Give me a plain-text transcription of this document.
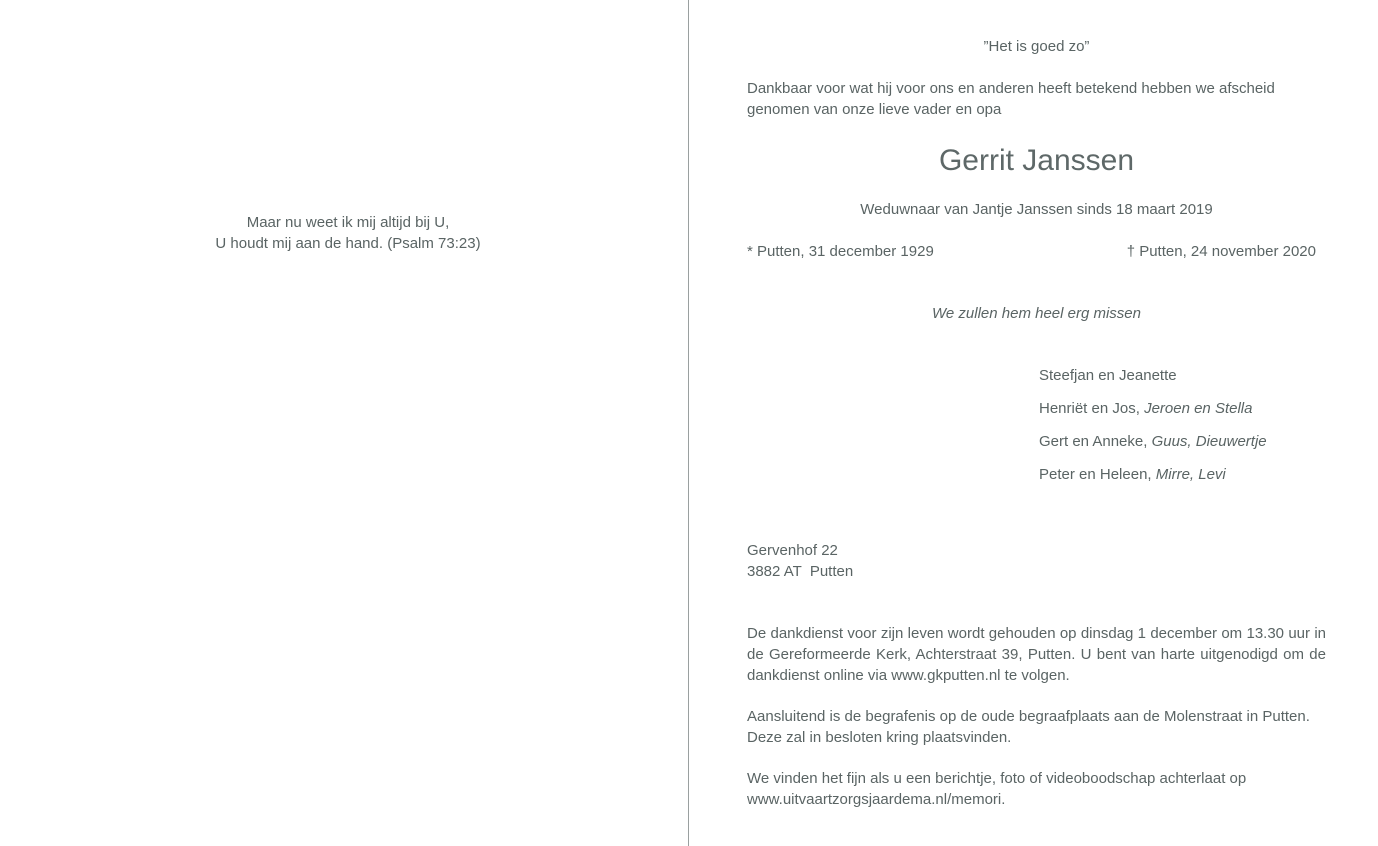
Maar nu weet ik mij altijd bij U,
U houdt mij aan de hand. (Psalm 73:23)
”Het is goed zo”
Dankbaar voor wat hij voor ons en anderen heeft betekend hebben we afscheid
genomen van onze lieve vader en opa
Gerrit Janssen
Weduwnaar van Jantje Janssen sinds 18 maart 2019
* Putten, 31 december 1929	† Putten, 24 november 2020
We zullen hem heel erg missen
Steefjan en Jeanette
Henriët en Jos, Jeroen en Stella
Gert en Anneke, Guus, Dieuwertje
Peter en Heleen, Mirre, Levi
Gervenhof 22
3882 AT  Putten
De dankdienst voor zijn leven wordt gehouden op dinsdag 1 december om 13.30 uur in de Gereformeerde Kerk, Achterstraat 39, Putten. U bent van harte uitgenodigd om de dankdienst online via www.gkputten.nl te volgen.
Aansluitend is de begrafenis op de oude begraafplaats aan de Molenstraat in Putten.
Deze zal in besloten kring plaatsvinden.
We vinden het fijn als u een berichtje, foto of videoboodschap achterlaat op
www.uitvaartzorgsjaardema.nl/memori.
